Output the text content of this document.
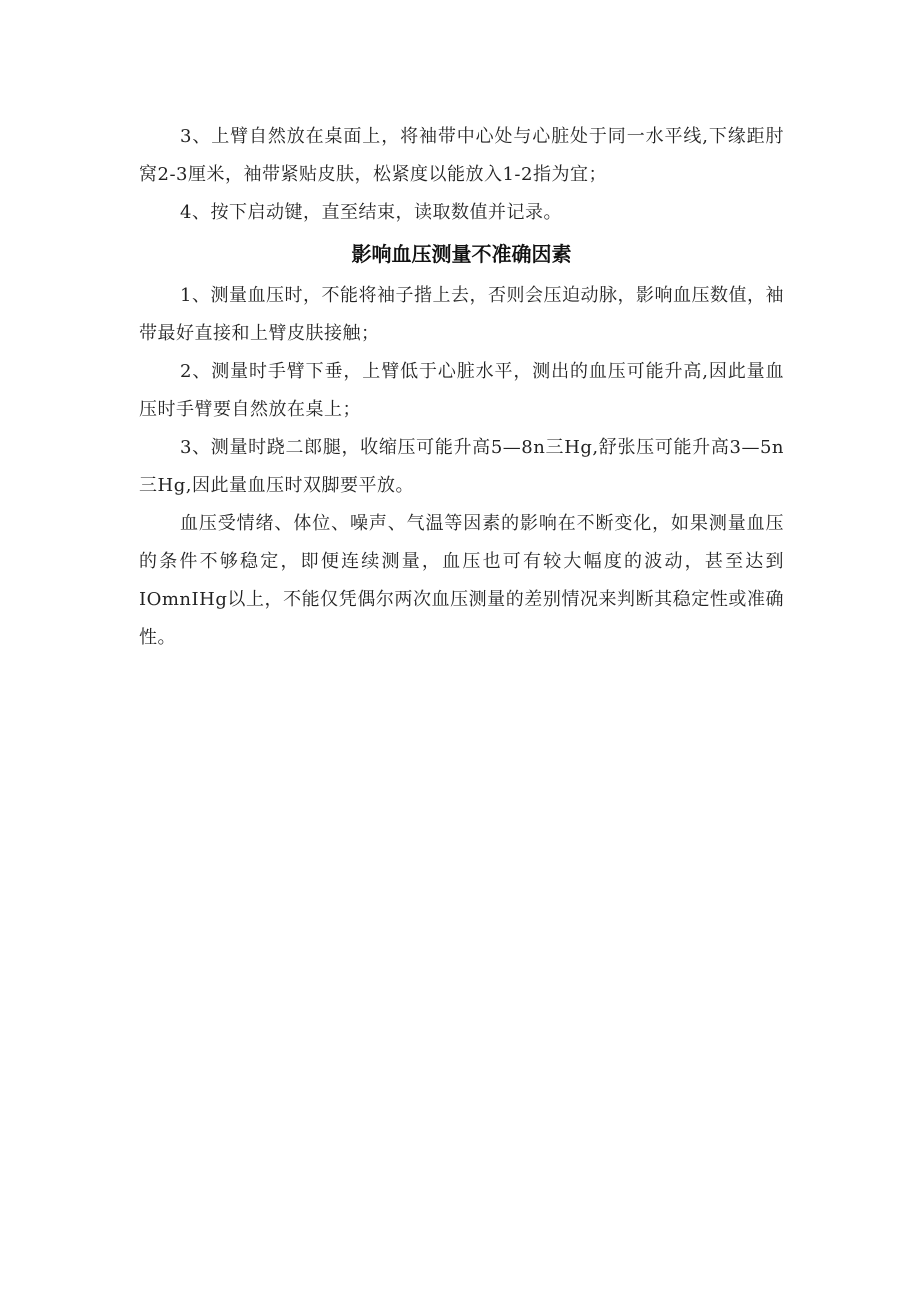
3、上臂自然放在桌面上，将袖带中心处与心脏处于同一水平线,下缘距肘窝2-3厘米，袖带紧贴皮肤，松紧度以能放入1-2指为宜；

4、按下启动键，直至结束，读取数值并记录。

影响血压测量不准确因素

1、测量血压时，不能将袖子揩上去，否则会压迫动脉，影响血压数值，袖带最好直接和上臂皮肤接触；

2、测量时手臂下垂，上臂低于心脏水平，测出的血压可能升高,因此量血压时手臂要自然放在桌上；

3、测量时跷二郎腿，收缩压可能升高5—8n三Hg,舒张压可能升高3—5n三Hg,因此量血压时双脚要平放。

血压受情绪、体位、噪声、气温等因素的影响在不断变化，如果测量血压的条件不够稳定，即便连续测量，血压也可有较大幅度的波动，甚至达到IOmnIHg以上，不能仅凭偶尔两次血压测量的差别情况来判断其稳定性或准确性。
